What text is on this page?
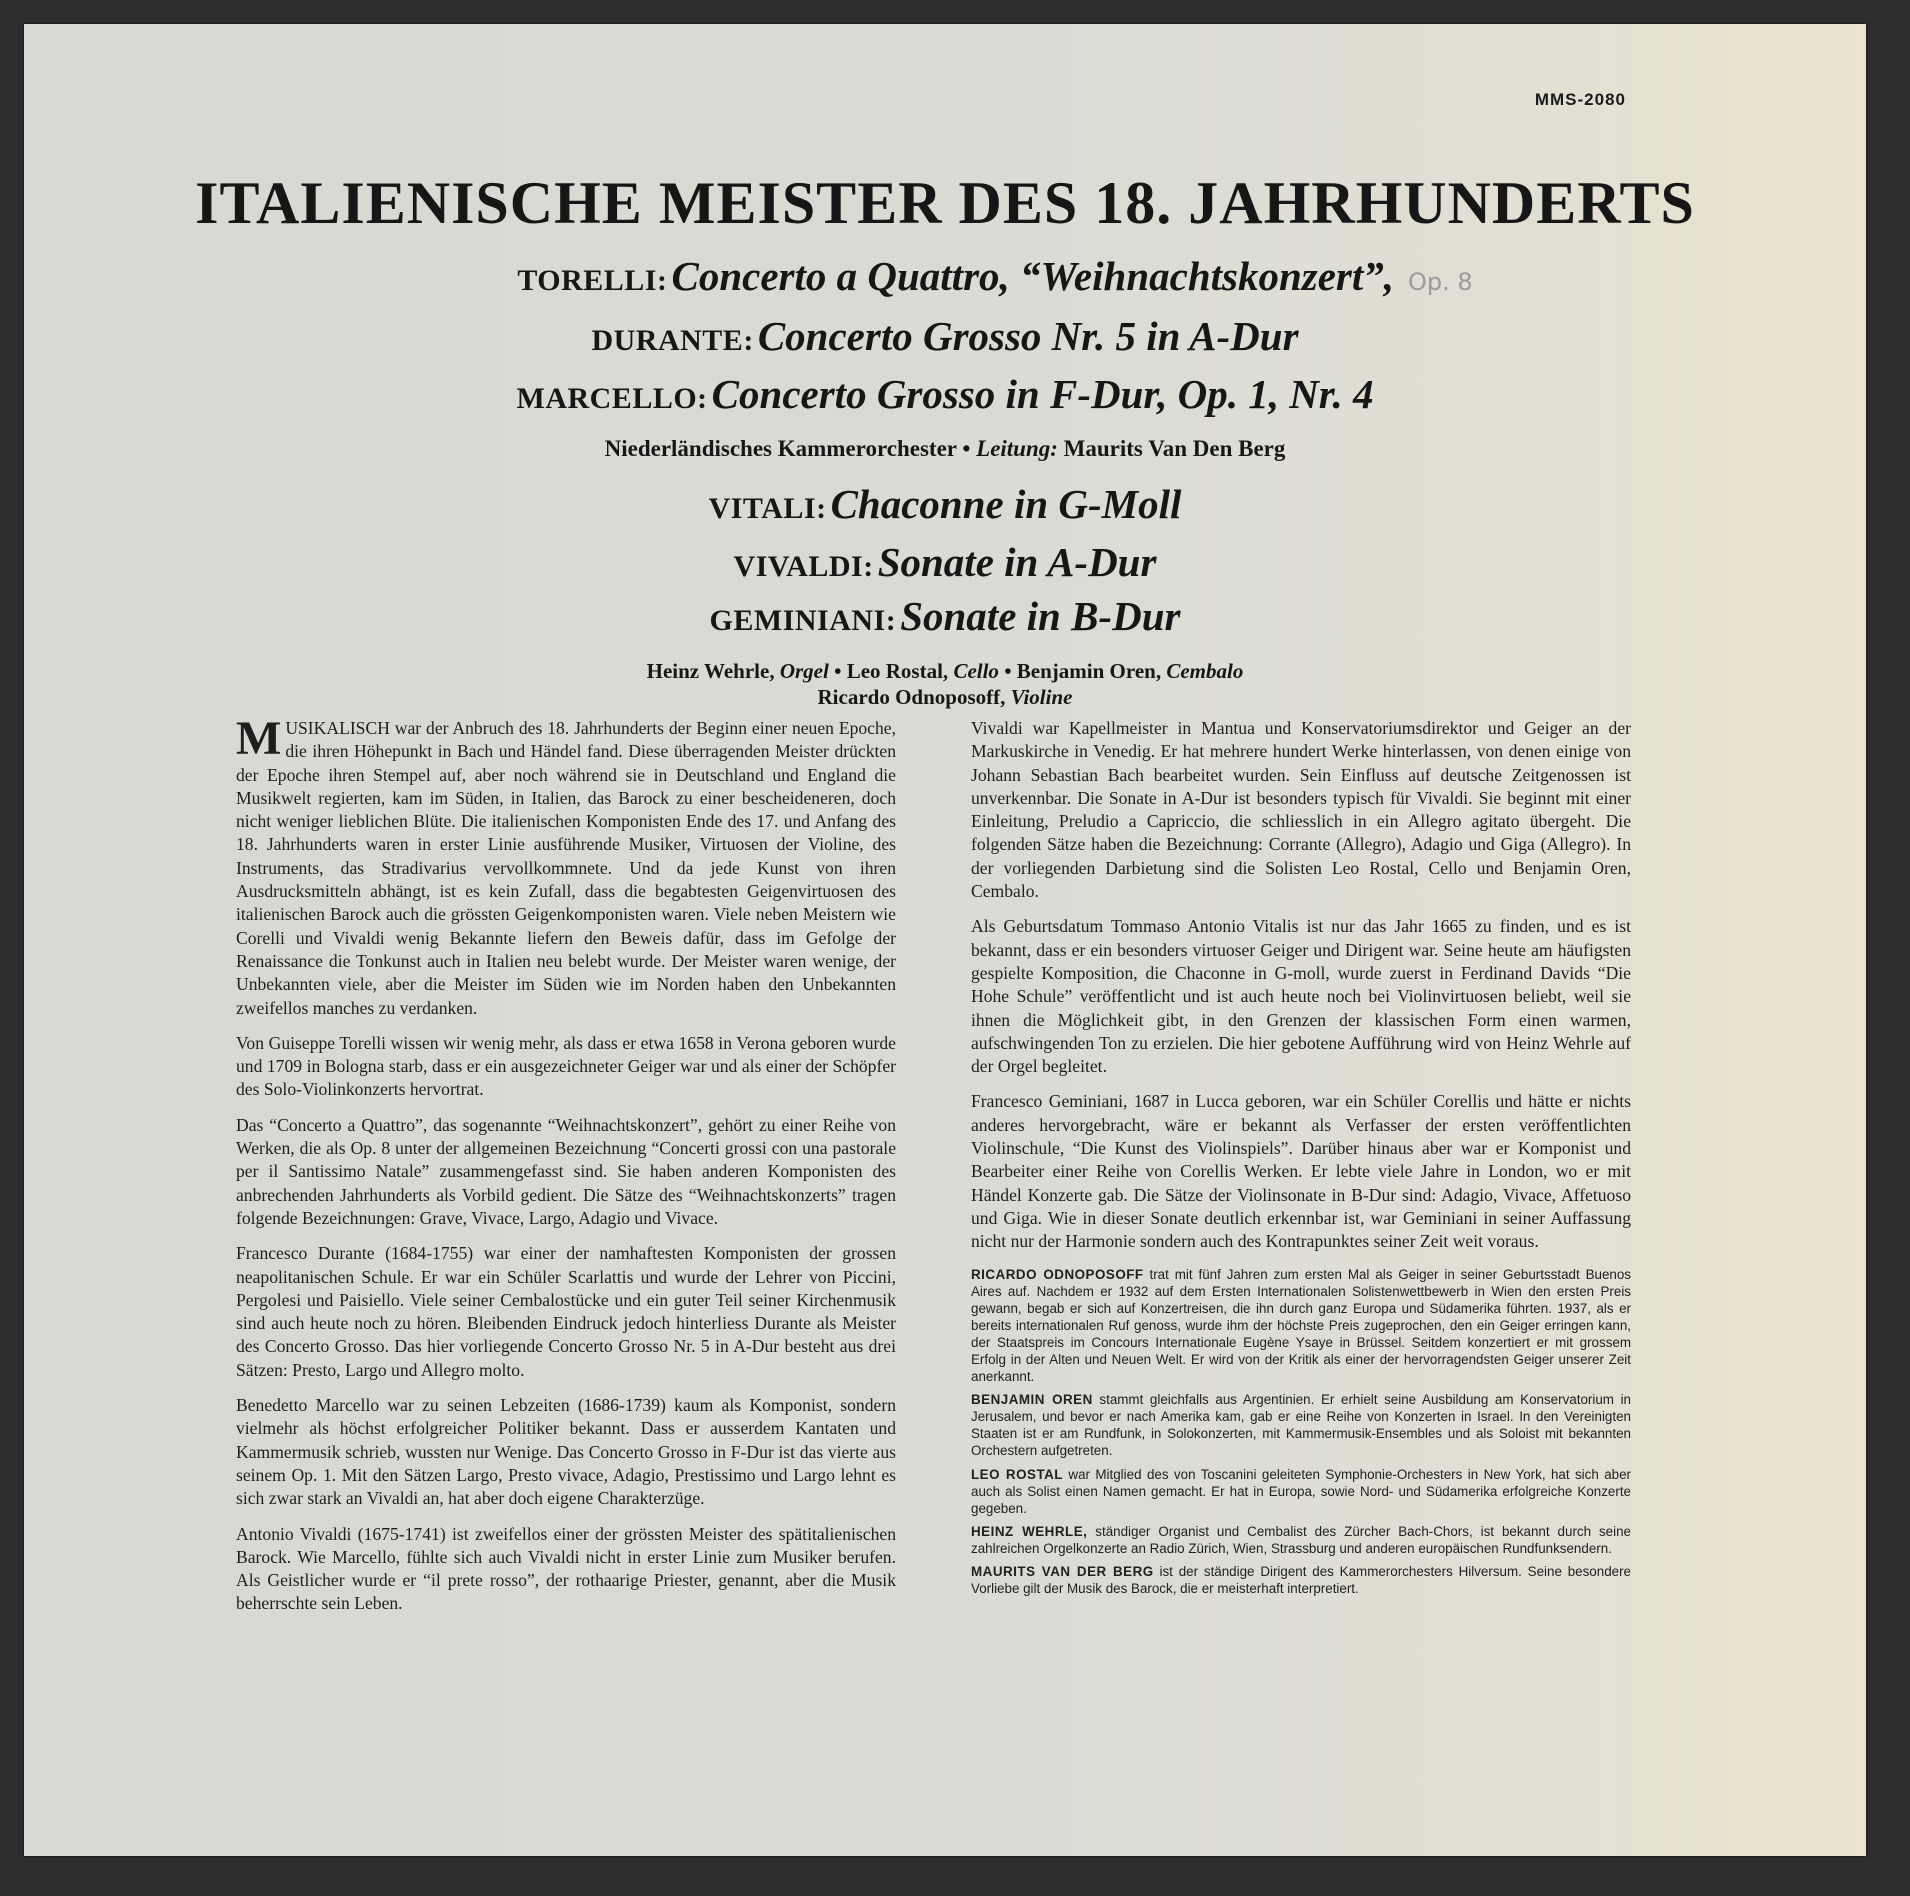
MMS-2080
ITALIENISCHE MEISTER DES 18. JAHRHUNDERTS
TORELLI: Concerto a Quattro, “Weihnachtskonzert”, Op. 8
DURANTE: Concerto Grosso Nr. 5 in A-Dur
MARCELLO: Concerto Grosso in F-Dur, Op. 1, Nr. 4
Niederländisches Kammerorchester • Leitung: Maurits Van Den Berg
VITALI: Chaconne in G-Moll
VIVALDI: Sonate in A-Dur
GEMINIANI: Sonate in B-Dur
Heinz Wehrle, Orgel • Leo Rostal, Cello • Benjamin Oren, Cembalo
Ricardo Odnoposoff, Violine

MUSIKALISCH war der Anbruch des 18. Jahrhunderts der Beginn einer neuen Epoche, die ihren Höhepunkt in Bach und Händel fand. Diese überragenden Meister drückten der Epoche ihren Stempel auf, aber noch während sie in Deutschland und England die Musikwelt regierten, kam im Süden, in Italien, das Barock zu einer bescheideneren, doch nicht weniger lieblichen Blüte. Die italienischen Komponisten Ende des 17. und Anfang des 18. Jahrhunderts waren in erster Linie ausführende Musiker, Virtuosen der Violine, des Instruments, das Stradivarius vervollkommnete. Und da jede Kunst von ihren Ausdrucksmitteln abhängt, ist es kein Zufall, dass die begabtesten Geigenvirtuosen des italienischen Barock auch die grössten Geigenkomponisten waren. Viele neben Meistern wie Corelli und Vivaldi wenig Bekannte liefern den Beweis dafür, dass im Gefolge der Renaissance die Tonkunst auch in Italien neu belebt wurde. Der Meister waren wenige, der Unbekannten viele, aber die Meister im Süden wie im Norden haben den Unbekannten zweifellos manches zu verdanken.

Von Guiseppe Torelli wissen wir wenig mehr, als dass er etwa 1658 in Verona geboren wurde und 1709 in Bologna starb, dass er ein ausgezeichneter Geiger war und als einer der Schöpfer des Solo-Violinkonzerts hervortrat.

Das “Concerto a Quattro”, das sogenannte “Weihnachtskonzert”, gehört zu einer Reihe von Werken, die als Op. 8 unter der allgemeinen Bezeichnung “Concerti grossi con una pastorale per il Santissimo Natale” zusammengefasst sind. Sie haben anderen Komponisten des anbrechenden Jahrhunderts als Vorbild gedient. Die Sätze des “Weihnachtskonzerts” tragen folgende Bezeichnungen: Grave, Vivace, Largo, Adagio und Vivace.

Francesco Durante (1684-1755) war einer der namhaftesten Komponisten der grossen neapolitanischen Schule. Er war ein Schüler Scarlattis und wurde der Lehrer von Piccini, Pergolesi und Paisiello. Viele seiner Cembalostücke und ein guter Teil seiner Kirchenmusik sind auch heute noch zu hören. Bleibenden Eindruck jedoch hinterliess Durante als Meister des Concerto Grosso. Das hier vorliegende Concerto Grosso Nr. 5 in A-Dur besteht aus drei Sätzen: Presto, Largo und Allegro molto.

Benedetto Marcello war zu seinen Lebzeiten (1686-1739) kaum als Komponist, sondern vielmehr als höchst erfolgreicher Politiker bekannt. Dass er ausserdem Kantaten und Kammermusik schrieb, wussten nur Wenige. Das Concerto Grosso in F-Dur ist das vierte aus seinem Op. 1. Mit den Sätzen Largo, Presto vivace, Adagio, Prestissimo und Largo lehnt es sich zwar stark an Vivaldi an, hat aber doch eigene Charakterzüge.

Antonio Vivaldi (1675-1741) ist zweifellos einer der grössten Meister des spätitalienischen Barock. Wie Marcello, fühlte sich auch Vivaldi nicht in erster Linie zum Musiker berufen. Als Geistlicher wurde er “il prete rosso”, der rothaarige Priester, genannt, aber die Musik beherrschte sein Leben.

Vivaldi war Kapellmeister in Mantua und Konservatoriumsdirektor und Geiger an der Markuskirche in Venedig. Er hat mehrere hundert Werke hinterlassen, von denen einige von Johann Sebastian Bach bearbeitet wurden. Sein Einfluss auf deutsche Zeitgenossen ist unverkennbar. Die Sonate in A-Dur ist besonders typisch für Vivaldi. Sie beginnt mit einer Einleitung, Preludio a Capriccio, die schliesslich in ein Allegro agitato übergeht. Die folgenden Sätze haben die Bezeichnung: Corrante (Allegro), Adagio und Giga (Allegro). In der vorliegenden Darbietung sind die Solisten Leo Rostal, Cello und Benjamin Oren, Cembalo.

Als Geburtsdatum Tommaso Antonio Vitalis ist nur das Jahr 1665 zu finden, und es ist bekannt, dass er ein besonders virtuoser Geiger und Dirigent war. Seine heute am häufigsten gespielte Komposition, die Chaconne in G-moll, wurde zuerst in Ferdinand Davids “Die Hohe Schule” veröffentlicht und ist auch heute noch bei Violinvirtuosen beliebt, weil sie ihnen die Möglichkeit gibt, in den Grenzen der klassischen Form einen warmen, aufschwingenden Ton zu erzielen. Die hier gebotene Aufführung wird von Heinz Wehrle auf der Orgel begleitet.

Francesco Geminiani, 1687 in Lucca geboren, war ein Schüler Corellis und hätte er nichts anderes hervorgebracht, wäre er bekannt als Verfasser der ersten veröffentlichten Violinschule, “Die Kunst des Violinspiels”. Darüber hinaus aber war er Komponist und Bearbeiter einer Reihe von Corellis Werken. Er lebte viele Jahre in London, wo er mit Händel Konzerte gab. Die Sätze der Violinsonate in B-Dur sind: Adagio, Vivace, Affetuoso und Giga. Wie in dieser Sonate deutlich erkennbar ist, war Geminiani in seiner Auffassung nicht nur der Harmonie sondern auch des Kontrapunktes seiner Zeit weit voraus.

RICARDO ODNOPOSOFF trat mit fünf Jahren zum ersten Mal als Geiger in seiner Geburtsstadt Buenos Aires auf. Nachdem er 1932 auf dem Ersten Internationalen Solistenwettbewerb in Wien den ersten Preis gewann, begab er sich auf Konzertreisen, die ihn durch ganz Europa und Südamerika führten. 1937, als er bereits internationalen Ruf genoss, wurde ihm der höchste Preis zugeprochen, den ein Geiger erringen kann, der Staatspreis im Concours Internationale Eugène Ysaye in Brüssel. Seitdem konzertiert er mit grossem Erfolg in der Alten und Neuen Welt. Er wird von der Kritik als einer der hervorragendsten Geiger unserer Zeit anerkannt.

BENJAMIN OREN stammt gleichfalls aus Argentinien. Er erhielt seine Ausbildung am Konservatorium in Jerusalem, und bevor er nach Amerika kam, gab er eine Reihe von Konzerten in Israel. In den Vereinigten Staaten ist er am Rundfunk, in Solokonzerten, mit Kammermusik-Ensembles und als Soloist mit bekannten Orchestern aufgetreten.

LEO ROSTAL war Mitglied des von Toscanini geleiteten Symphonie-Orchesters in New York, hat sich aber auch als Solist einen Namen gemacht. Er hat in Europa, sowie Nord- und Südamerika erfolgreiche Konzerte gegeben.

HEINZ WEHRLE, ständiger Organist und Cembalist des Zürcher Bach-Chors, ist bekannt durch seine zahlreichen Orgelkonzerte an Radio Zürich, Wien, Strassburg und anderen europäischen Rundfunksendern.

MAURITS VAN DER BERG ist der ständige Dirigent des Kammerorchesters Hilversum. Seine besondere Vorliebe gilt der Musik des Barock, die er meisterhaft interpretiert.
